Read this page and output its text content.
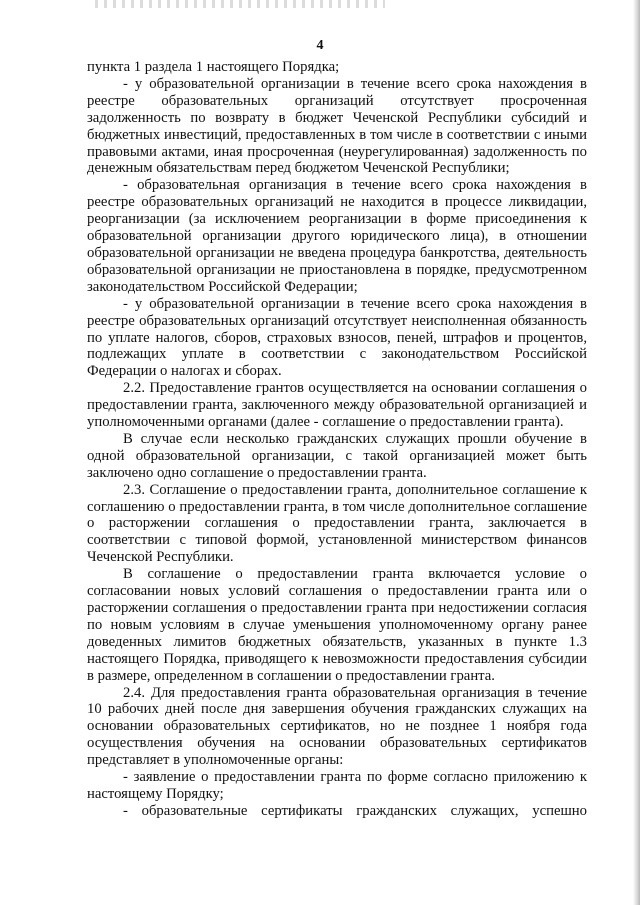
4

пункта 1 раздела 1 настоящего Порядка;

- у образовательной организации в течение всего срока нахождения в реестре образовательных организаций отсутствует просроченная задолженность по возврату в бюджет Чеченской Республики субсидий и бюджетных инвестиций, предоставленных в том числе в соответствии с иными правовыми актами, иная просроченная (неурегулированная) задолженность по денежным обязательствам перед бюджетом Чеченской Республики;

- образовательная организация в течение всего срока нахождения в реестре образовательных организаций не находится в процессе ликвидации, реорганизации (за исключением реорганизации в форме присоединения к образовательной организации другого юридического лица), в отношении образовательной организации не введена процедура банкротства, деятельность образовательной организации не приостановлена в порядке, предусмотренном законодательством Российской Федерации;

- у образовательной организации в течение всего срока нахождения в реестре образовательных организаций отсутствует неисполненная обязанность по уплате налогов, сборов, страховых взносов, пеней, штрафов и процентов, подлежащих уплате в соответствии с законодательством Российской Федерации о налогах и сборах.

2.2. Предоставление грантов осуществляется на основании соглашения о предоставлении гранта, заключенного между образовательной организацией и уполномоченными органами (далее - соглашение о предоставлении гранта).

В случае если несколько гражданских служащих прошли обучение в одной образовательной организации, с такой организацией может быть заключено одно соглашение о предоставлении гранта.

2.3. Соглашение о предоставлении гранта, дополнительное соглашение к соглашению о предоставлении гранта, в том числе дополнительное соглашение о расторжении соглашения о предоставлении гранта, заключается в соответствии с типовой формой, установленной министерством финансов Чеченской Республики.

В соглашение о предоставлении гранта включается условие о согласовании новых условий соглашения о предоставлении гранта или о расторжении соглашения о предоставлении гранта при недостижении согласия по новым условиям в случае уменьшения уполномоченному органу ранее доведенных лимитов бюджетных обязательств, указанных в пункте 1.3 настоящего Порядка, приводящего к невозможности предоставления субсидии в размере, определенном в соглашении о предоставлении гранта.

2.4. Для предоставления гранта образовательная организация в течение 10 рабочих дней после дня завершения обучения гражданских служащих на основании образовательных сертификатов, но не позднее 1 ноября года осуществления обучения на основании образовательных сертификатов представляет в уполномоченные органы:

- заявление о предоставлении гранта по форме согласно приложению к настоящему Порядку;

- образовательные сертификаты гражданских служащих, успешно
